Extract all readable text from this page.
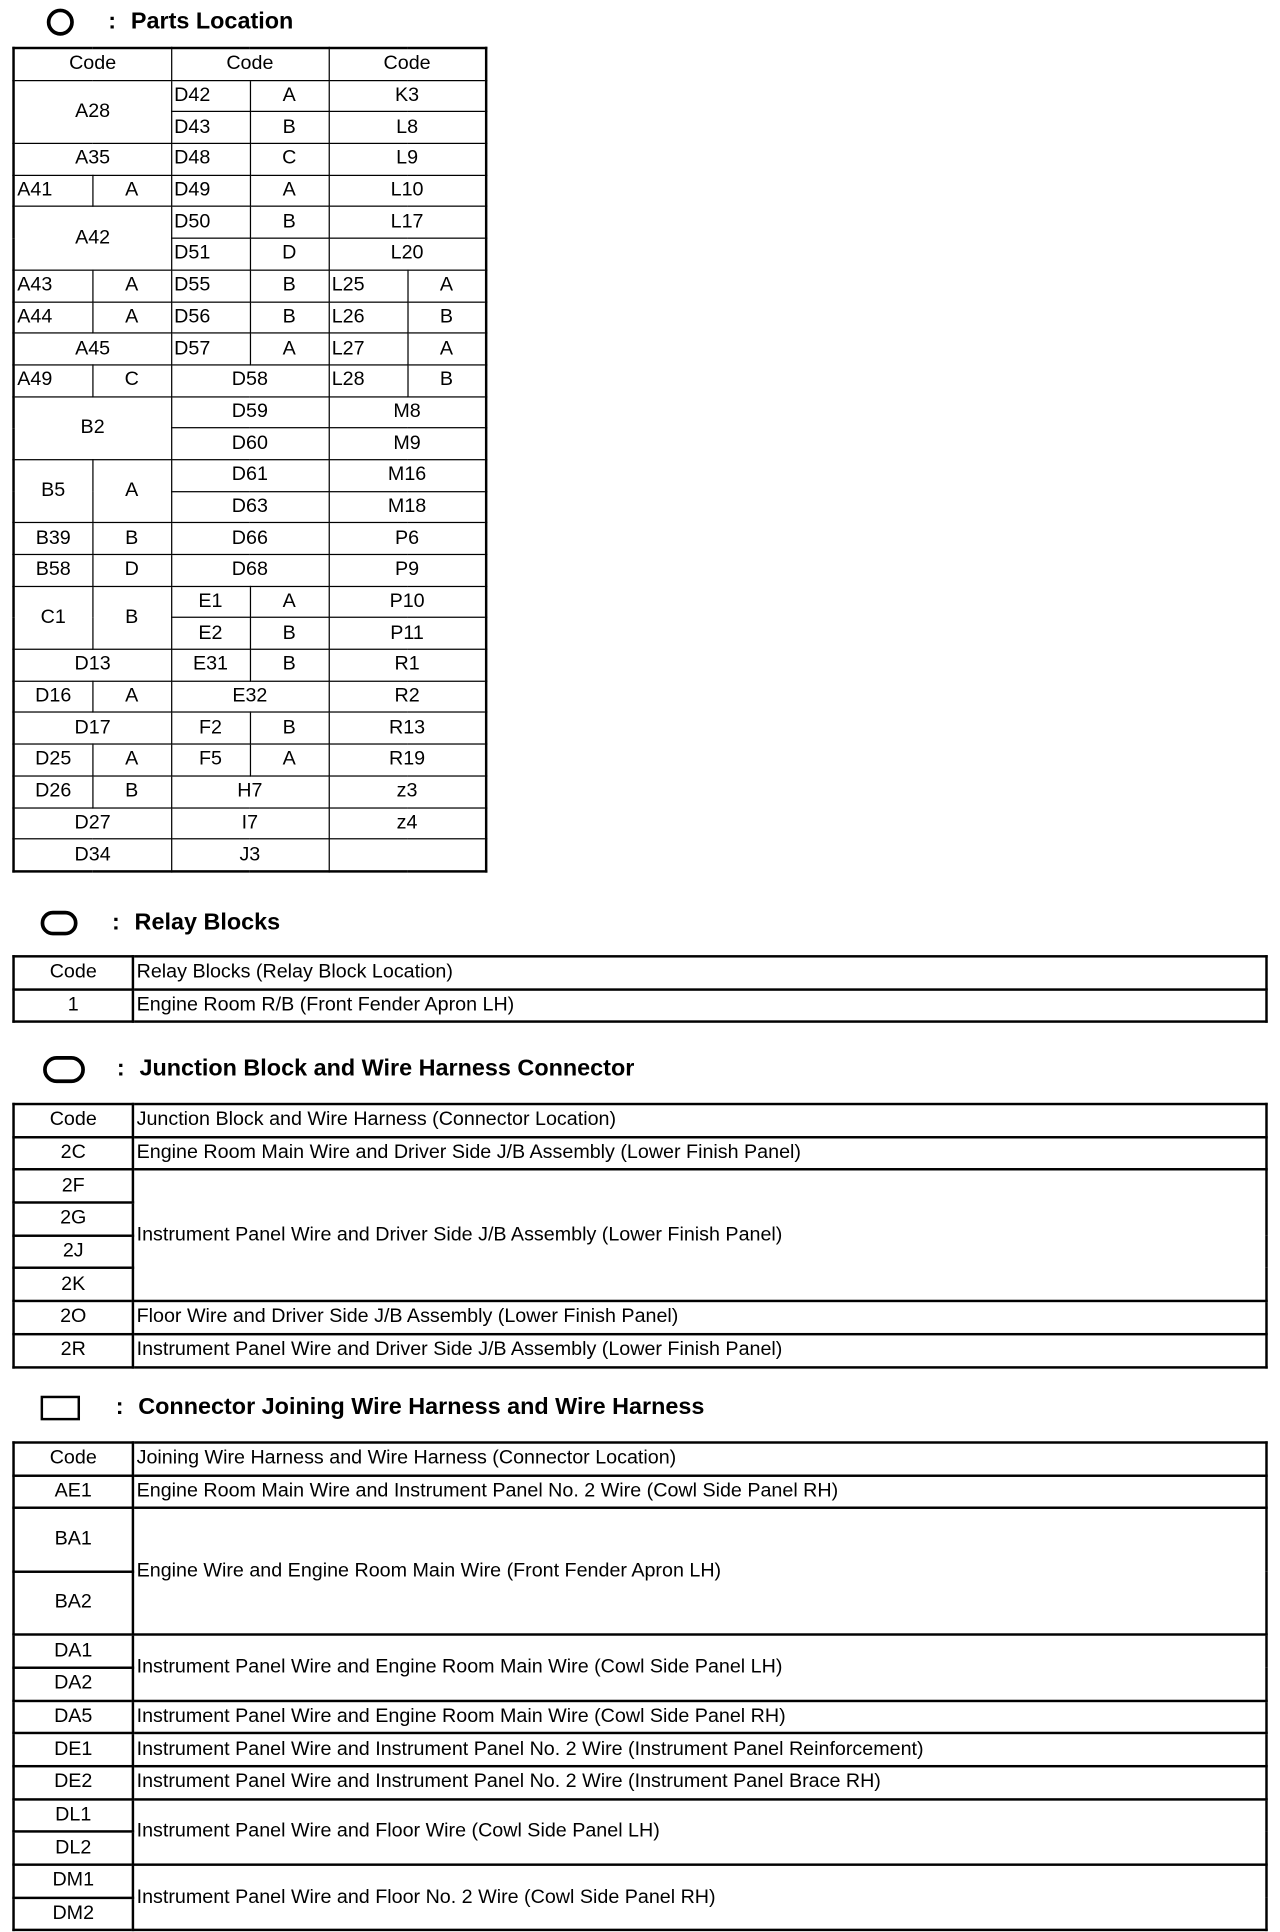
: Parts Location
Code		Code		Code	
A28		D42	A	K3	
		D43	B	L8	
A35		D48	C	L9	
A41	A	D49	A	L10	
A42		D50	B	L17	
		D51	D	L20	
A43	A	D55	B	L25	A
A44	A	D56	B	L26	B
A45		D57	A	L27	A
A49	C	D58		L28	B
B2		D59		M8	
		D60		M9	
B5	A	D61		M16	
		D63		M18	
B39	B	D66		P6	
B58	D	D68		P9	
C1	B	E1	A	P10	
		E2	B	P11	
D13		E31	B	R1	
D16	A	E32		R2	
D17		F2	B	R13	
D25	A	F5	A	R19	
D26	B	H7		z3	
D27		I7		z4	
D34		J3			
: Relay Blocks
Code	Relay Blocks (Relay Block Location)
1	Engine Room R/B (Front Fender Apron LH)
: Junction Block and Wire Harness Connector
Code	Junction Block and Wire Harness (Connector Location)
2C	Engine Room Main Wire and Driver Side J/B Assembly (Lower Finish Panel)
2F	Instrument Panel Wire and Driver Side J/B Assembly (Lower Finish Panel)
2G	
2J	
2K	
2O	Floor Wire and Driver Side J/B Assembly (Lower Finish Panel)
2R	Instrument Panel Wire and Driver Side J/B Assembly (Lower Finish Panel)
: Connector Joining Wire Harness and Wire Harness
Code	Joining Wire Harness and Wire Harness (Connector Location)
AE1	Engine Room Main Wire and Instrument Panel No. 2 Wire (Cowl Side Panel RH)
BA1	Engine Wire and Engine Room Main Wire (Front Fender Apron LH)
BA2	
DA1	Instrument Panel Wire and Engine Room Main Wire (Cowl Side Panel LH)
DA2	
DA5	Instrument Panel Wire and Engine Room Main Wire (Cowl Side Panel RH)
DE1	Instrument Panel Wire and Instrument Panel No. 2 Wire (Instrument Panel Reinforcement)
DE2	Instrument Panel Wire and Instrument Panel No. 2 Wire (Instrument Panel Brace RH)
DL1	Instrument Panel Wire and Floor Wire (Cowl Side Panel LH)
DL2	
DM1	Instrument Panel Wire and Floor No. 2 Wire (Cowl Side Panel RH)
DM2	
